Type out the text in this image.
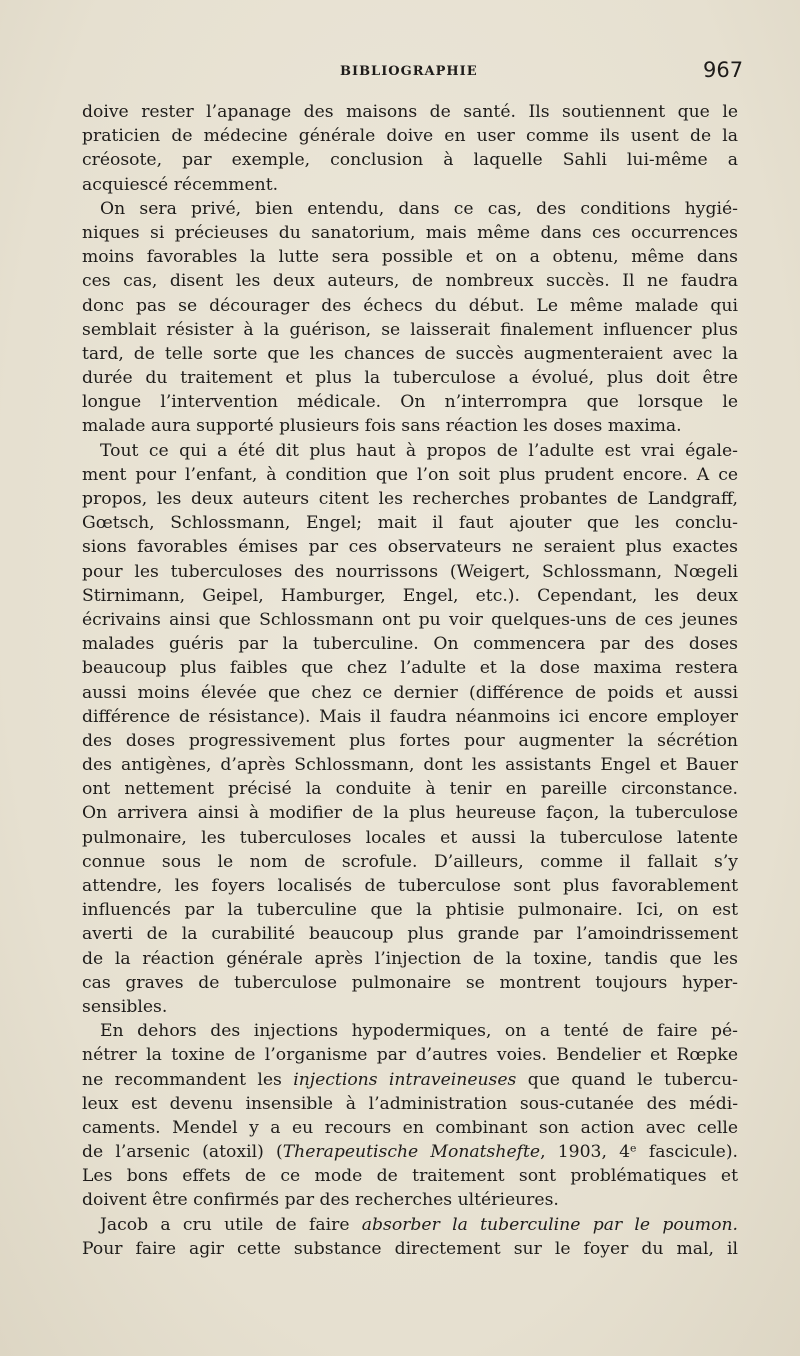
BIBLIOGRAPHIE	967
doive rester l’apanage des maisons de santé. Ils soutiennent que le
praticien de médecine générale doive en user comme ils usent de la
créosote, par exemple, conclusion à laquelle Sahli lui-même a
acquiescé récemment.
On sera privé, bien entendu, dans ce cas, des conditions hygié-
niques si précieuses du sanatorium, mais même dans ces occurrences
moins favorables la lutte sera possible et on a obtenu, même dans
ces cas, disent les deux auteurs, de nombreux succès. Il ne faudra
donc pas se décourager des échecs du début. Le même malade qui
semblait résister à la guérison, se laisserait finalement influencer plus
tard, de telle sorte que les chances de succès augmenteraient avec la
durée du traitement et plus la tuberculose a évolué, plus doit être
longue l’intervention médicale. On n’interrompra que lorsque le
malade aura supporté plusieurs fois sans réaction les doses maxima.
Tout ce qui a été dit plus haut à propos de l’adulte est vrai égale-
ment pour l’enfant, à condition que l’on soit plus prudent encore. A ce
propos, les deux auteurs citent les recherches probantes de Landgraff,
Gœtsch, Schlossmann, Engel; mait il faut ajouter que les conclu-
sions favorables émises par ces observateurs ne seraient plus exactes
pour les tuberculoses des nourrissons (Weigert, Schlossmann, Nœgeli
Stirnimann, Geipel, Hamburger, Engel, etc.). Cependant, les deux
écrivains ainsi que Schlossmann ont pu voir quelques-uns de ces jeunes
malades guéris par la tuberculine. On commencera par des doses
beaucoup plus faibles que chez l’adulte et la dose maxima restera
aussi moins élevée que chez ce dernier (différence de poids et aussi
différence de résistance). Mais il faudra néanmoins ici encore employer
des doses progressivement plus fortes pour augmenter la sécrétion
des antigènes, d’après Schlossmann, dont les assistants Engel et Bauer
ont nettement précisé la conduite à tenir en pareille circonstance.
On arrivera ainsi à modifier de la plus heureuse façon, la tuberculose
pulmonaire, les tuberculoses locales et aussi la tuberculose latente
connue sous le nom de scrofule. D’ailleurs, comme il fallait s’y
attendre, les foyers localisés de tuberculose sont plus favorablement
influencés par la tuberculine que la phtisie pulmonaire. Ici, on est
averti de la curabilité beaucoup plus grande par l’amoindrissement
de la réaction générale après l’injection de la toxine, tandis que les
cas graves de tuberculose pulmonaire se montrent toujours hyper-
sensibles.
En dehors des injections hypodermiques, on a tenté de faire pé-
nétrer la toxine de l’organisme par d’autres voies. Bendelier et Rœpke
ne recommandent les injections intraveineuses que quand le tubercu-
leux est devenu insensible à l’administration sous-cutanée des médi-
caments. Mendel y a eu recours en combinant son action avec celle
de l’arsenic (atoxil) (Therapeutische Monatshefte, 1903, 4ᵉ fascicule).
Les bons effets de ce mode de traitement sont problématiques et
doivent être confirmés par des recherches ultérieures.
Jacob a cru utile de faire absorber la tuberculine par le poumon.
Pour faire agir cette substance directement sur le foyer du mal, il
